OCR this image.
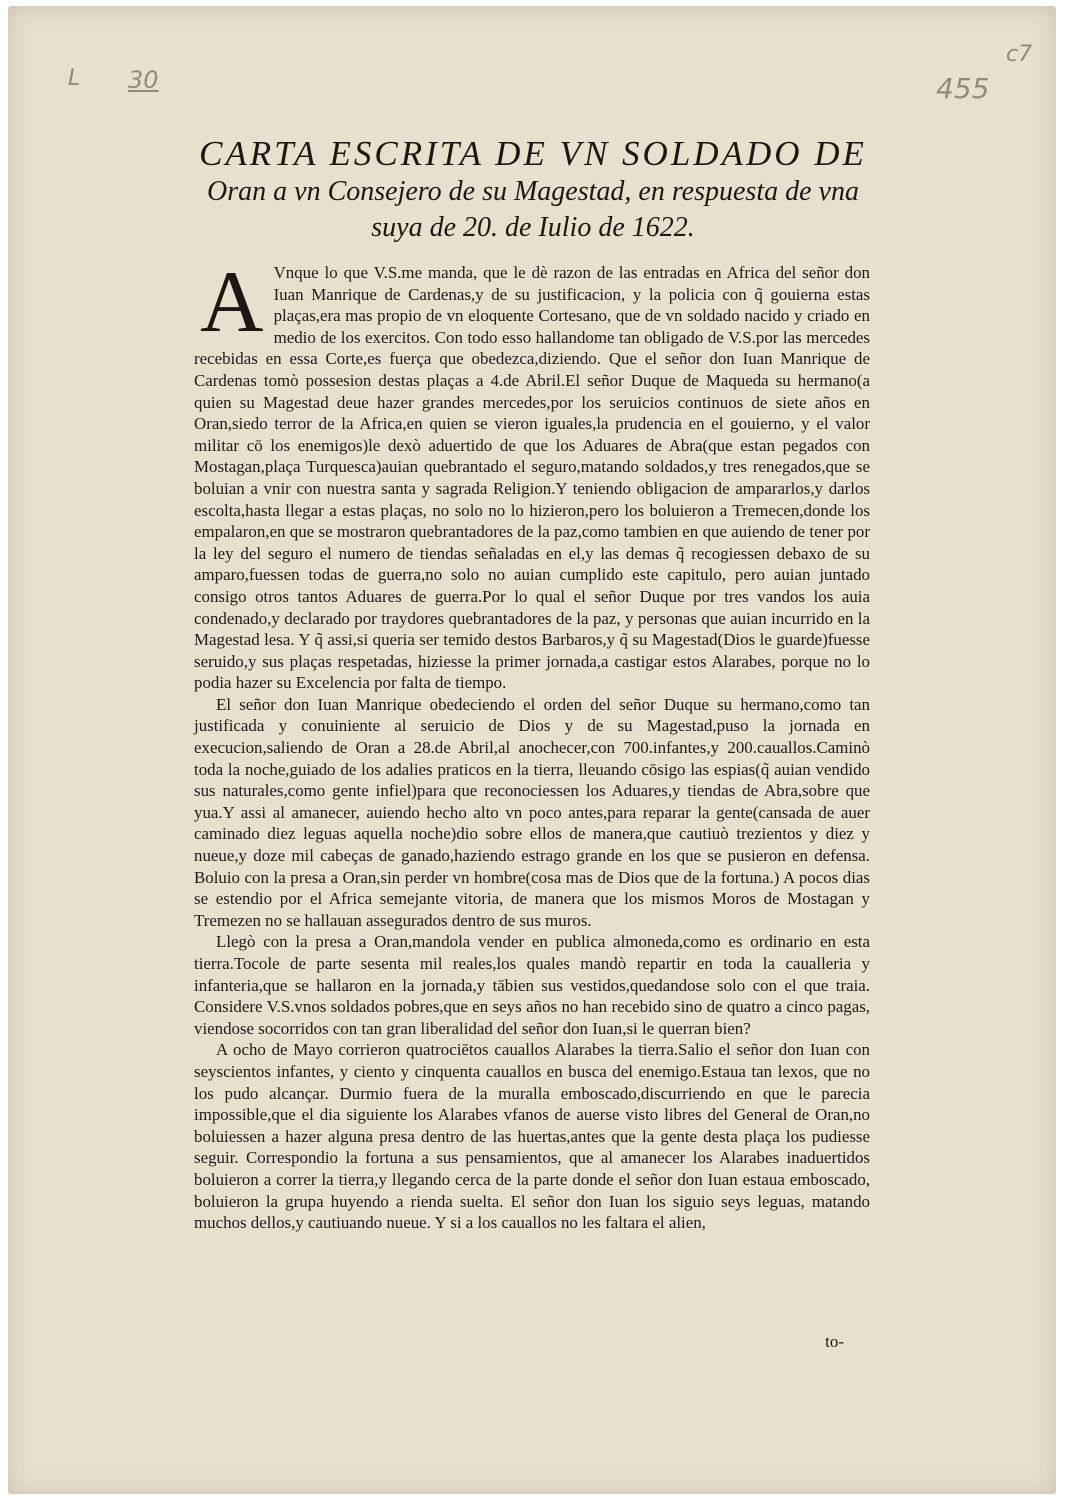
L 30
c7
455
CARTA ESCRITA DE VN SOLDADO DE
Oran a vn Consejero de su Magestad, en respuesta de vna
suya de 20. de Iulio de 1622.

A Vnque lo que V.S.me manda, que le dè razon de las entradas en Africa del señor don Iuan Manrique de Cardenas,y de su justificacion, y la policia con q̃ gouierna estas plaças,era mas propio de vn eloquente Cortesano, que de vn soldado nacido y criado en medio de los exercitos. Con todo esso hallandome tan obligado de V.S.por las mercedes recebidas en essa Corte,es fuerça que obedezca,diziendo. Que el señor don Iuan Manrique de Cardenas tomò possesion destas plaças a 4.de Abril.El señor Duque de Maqueda su hermano(a quien su Magestad deue hazer grandes mercedes,por los seruicios continuos de siete años en Oran,siedo terror de la Africa,en quien se vieron iguales,la prudencia en el gouierno, y el valor militar cō los enemigos)le dexò aduertido de que los Aduares de Abra(que estan pegados con Mostagan,plaça Turquesca)auian quebrantado el seguro,matando soldados,y tres renegados,que se boluian a vnir con nuestra santa y sagrada Religion.Y teniendo obligacion de ampararlos,y darlos escolta,hasta llegar a estas plaças, no solo no lo hizieron,pero los boluieron a Tremecen,donde los empalaron,en que se mostraron quebrantadores de la paz,como tambien en que auiendo de tener por la ley del seguro el numero de tiendas señaladas en el,y las demas q̃ recogiessen debaxo de su amparo,fuessen todas de guerra,no solo no auian cumplido este capitulo, pero auian juntado consigo otros tantos Aduares de guerra.Por lo qual el señor Duque por tres vandos los auia condenado,y declarado por traydores quebrantadores de la paz, y personas que auian incurrido en la Magestad lesa. Y q̃ assi,si queria ser temido destos Barbaros,y q̃ su Magestad(Dios le guarde)fuesse seruido,y sus plaças respetadas, hiziesse la primer jornada,a castigar estos Alarabes, porque no lo podia hazer su Excelencia por falta de tiempo.

El señor don Iuan Manrique obedeciendo el orden del señor Duque su hermano,como tan justificada y conuiniente al seruicio de Dios y de su Magestad,puso la jornada en execucion,saliendo de Oran a 28.de Abril,al anochecer,con 700.infantes,y 200.cauallos.Caminò toda la noche,guiado de los adalies praticos en la tierra, lleuando cōsigo las espias(q̃ auian vendido sus naturales,como gente infiel)para que reconociessen los Aduares,y tiendas de Abra,sobre que yua.Y assi al amanecer, auiendo hecho alto vn poco antes,para reparar la gente(cansada de auer caminado diez leguas aquella noche)dio sobre ellos de manera,que cautiuò trezientos y diez y nueue,y doze mil cabeças de ganado,haziendo estrago grande en los que se pusieron en defensa. Boluio con la presa a Oran,sin perder vn hombre(cosa mas de Dios que de la fortuna.) A pocos dias se estendio por el Africa semejante vitoria, de manera que los mismos Moros de Mostagan y Tremezen no se hallauan assegurados dentro de sus muros.

Llegò con la presa a Oran,mandola vender en publica almoneda,como es ordinario en esta tierra.Tocole de parte sesenta mil reales,los quales mandò repartir en toda la caualleria y infanteria,que se hallaron en la jornada,y tābien sus vestidos,quedandose solo con el que traia. Considere V.S.vnos soldados pobres,que en seys años no han recebido sino de quatro a cinco pagas, viendose socorridos con tan gran liberalidad del señor don Iuan,si le querran bien?

A ocho de Mayo corrieron quatrociētos cauallos Alarabes la tierra.Salio el señor don Iuan con seyscientos infantes, y ciento y cinquenta cauallos en busca del enemigo.Estaua tan lexos, que no los pudo alcançar. Durmio fuera de la muralla emboscado,discurriendo en que le parecia impossible,que el dia siguiente los Alarabes vfanos de auerse visto libres del General de Oran,no boluiessen a hazer alguna presa dentro de las huertas,antes que la gente desta plaça los pudiesse seguir. Correspondio la fortuna a sus pensamientos, que al amanecer los Alarabes inaduertidos boluieron a correr la tierra,y llegando cerca de la parte donde el señor don Iuan estaua emboscado, boluieron la grupa huyendo a rienda suelta. El señor don Iuan los siguio seys leguas, matando muchos dellos,y cautiuando nueue. Y si a los cauallos no les faltara el alien,

to-
